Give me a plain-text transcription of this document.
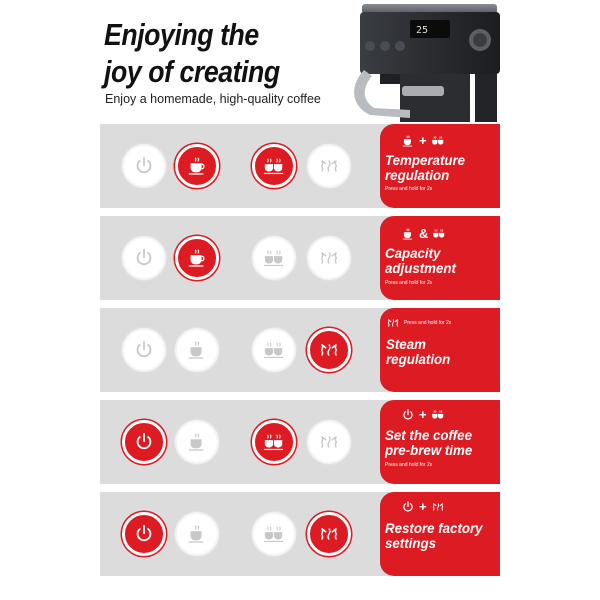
Enjoying the
joy of creating
Enjoy a homemade, high-quality coffee
25
+
Temperature regulation
Press and hold for 2s
&
Capacity adjustment
Press and hold for 2s
Press and hold for 2s
Steam regulation
+
Set the coffee pre-brew time
Press and hold for 2s
+
Restore factory settings
